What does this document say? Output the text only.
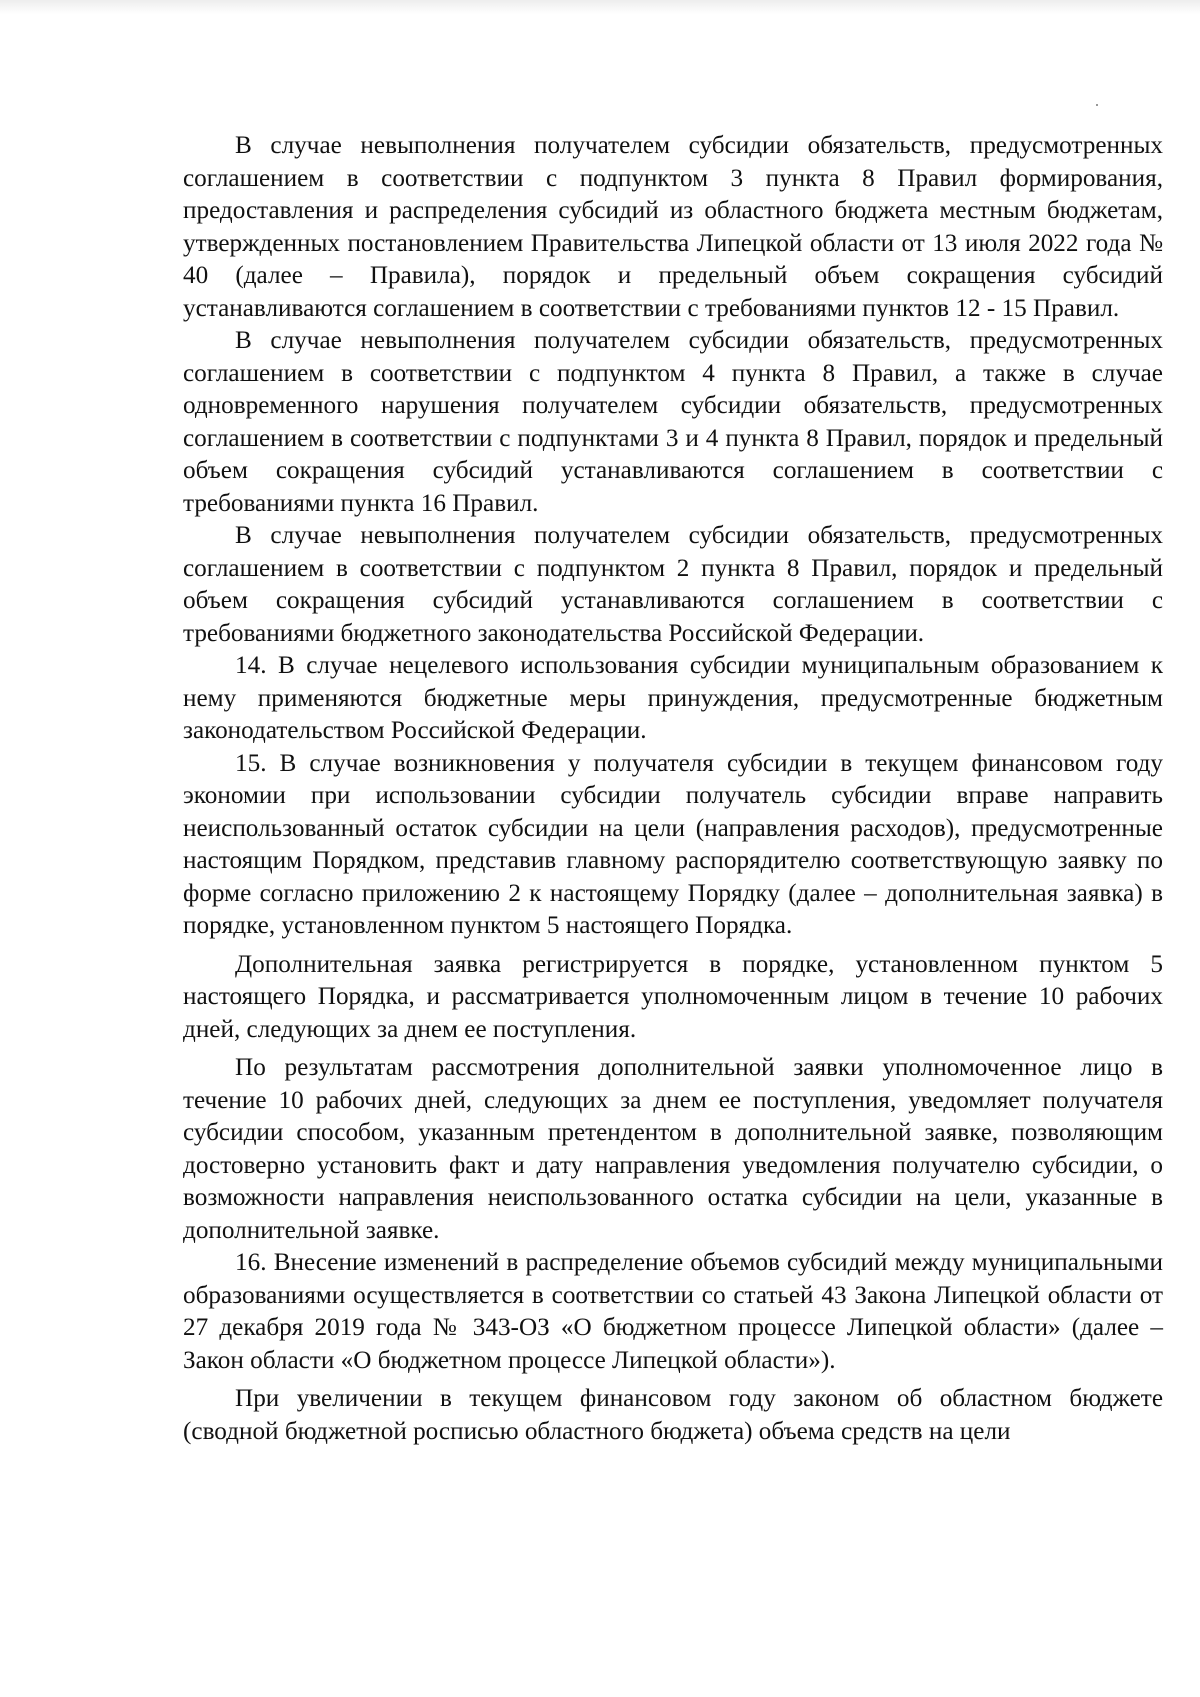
В случае невыполнения получателем субсидии обязательств, предусмотренных соглашением в соответствии с подпунктом 3 пункта 8 Правил формирования, предоставления и распределения субсидий из областного бюджета местным бюджетам, утвержденных постановлением Правительства Липецкой области от 13 июля 2022 года № 40 (далее – Правила), порядок и предельный объем сокращения субсидий устанавливаются соглашением в соответствии с требованиями пунктов 12 - 15 Правил.

В случае невыполнения получателем субсидии обязательств, предусмотренных соглашением в соответствии с подпунктом 4 пункта 8 Правил, а также в случае одновременного нарушения получателем субсидии обязательств, предусмотренных соглашением в соответствии с подпунктами 3 и 4 пункта 8 Правил, порядок и предельный объем сокращения субсидий устанавливаются соглашением в соответствии с требованиями пункта 16 Правил.

В случае невыполнения получателем субсидии обязательств, предусмотренных соглашением в соответствии с подпунктом 2 пункта 8 Правил, порядок и предельный объем сокращения субсидий устанавливаются соглашением в соответствии с требованиями бюджетного законодательства Российской Федерации.

14. В случае нецелевого использования субсидии муниципальным образованием к нему применяются бюджетные меры принуждения, предусмотренные бюджетным законодательством Российской Федерации.

15. В случае возникновения у получателя субсидии в текущем финансовом году экономии при использовании субсидии получатель субсидии вправе направить неиспользованный остаток субсидии на цели (направления расходов), предусмотренные настоящим Порядком, представив главному распорядителю соответствующую заявку по форме согласно приложению 2 к настоящему Порядку (далее – дополнительная заявка) в порядке, установленном пунктом 5 настоящего Порядка.

Дополнительная заявка регистрируется в порядке, установленном пунктом 5 настоящего Порядка, и рассматривается уполномоченным лицом в течение 10 рабочих дней, следующих за днем ее поступления.

По результатам рассмотрения дополнительной заявки уполномоченное лицо в течение 10 рабочих дней, следующих за днем ее поступления, уведомляет получателя субсидии способом, указанным претендентом в дополнительной заявке, позволяющим достоверно установить факт и дату направления уведомления получателю субсидии, о возможности направления неиспользованного остатка субсидии на цели, указанные в дополнительной заявке.

16. Внесение изменений в распределение объемов субсидий между муниципальными образованиями осуществляется в соответствии со статьей 43 Закона Липецкой области от 27 декабря 2019 года № 343-ОЗ «О бюджетном процессе Липецкой области» (далее – Закон области «О бюджетном процессе Липецкой области»).

При увеличении в текущем финансовом году законом об областном бюджете (сводной бюджетной росписью областного бюджета) объема средств на цели
